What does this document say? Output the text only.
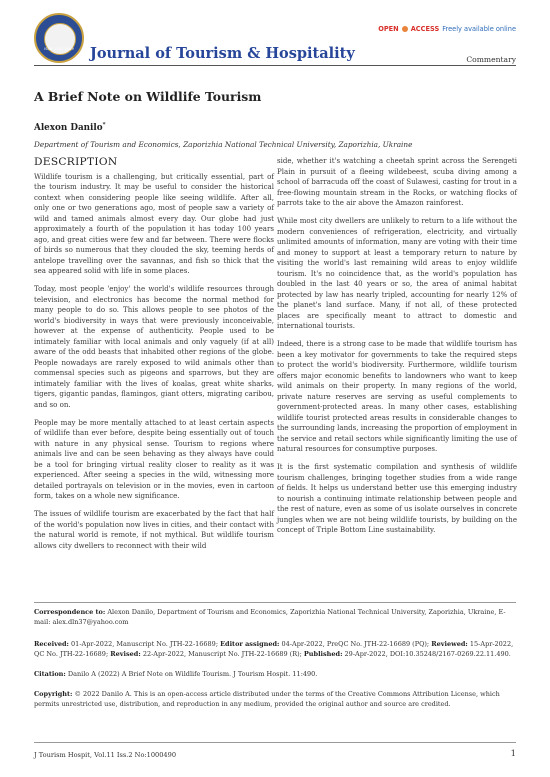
ISSN: 2167-0269
OPEN ACCESS Freely available online
Journal of Tourism & Hospitality	Commentary
A Brief Note on Wildlife Tourism
Alexon Danilo*
Department of Tourism and Economics, Zaporizhia National Technical University, Zaporizhia, Ukraine
DESCRIPTION

Wildlife tourism is a challenging, but critically essential, part of the tourism industry. It may be useful to consider the historical context when considering people like seeing wildlife. After all, only one or two generations ago, most of people saw a variety of wild and tamed animals almost every day. Our globe had just approximately a fourth of the population it has today 100 years ago, and great cities were few and far between. There were flocks of birds so numerous that they clouded the sky, teeming herds of antelope travelling over the savannas, and fish so thick that the sea appeared solid with life in some places.

Today, most people 'enjoy' the world's wildlife resources through television, and electronics has become the normal method for many people to do so. This allows people to see photos of the world's biodiversity in ways that were previously inconceivable, however at the expense of authenticity. People used to be intimately familiar with local animals and only vaguely (if at all) aware of the odd beasts that inhabited other regions of the globe. People nowadays are rarely exposed to wild animals other than commensal species such as pigeons and sparrows, but they are intimately familiar with the lives of koalas, great white sharks, tigers, gigantic pandas, flamingos, giant otters, migrating caribou, and so on.

People may be more mentally attached to at least certain aspects of wildlife than ever before, despite being essentially out of touch with nature in any physical sense. Tourism to regions where animals live and can be seen behaving as they always have could be a tool for bringing virtual reality closer to reality as it was experienced. After seeing a species in the wild, witnessing more detailed portrayals on television or in the movies, even in cartoon form, takes on a whole new significance.

The issues of wildlife tourism are exacerbated by the fact that half of the world's population now lives in cities, and their contact with the natural world is remote, if not mythical. But wildlife tourism allows city dwellers to reconnect with their wild

side, whether it's watching a cheetah sprint across the Serengeti Plain in pursuit of a fleeing wildebeest, scuba diving among a school of barracuda off the coast of Sulawesi, casting for trout in a free-flowing mountain stream in the Rocks, or watching flocks of parrots take to the air above the Amazon rainforest.

While most city dwellers are unlikely to return to a life without the modern conveniences of refrigeration, electricity, and virtually unlimited amounts of information, many are voting with their time and money to support at least a temporary return to nature by visiting the world's last remaining wild areas to enjoy wildlife tourism. It's no coincidence that, as the world's population has doubled in the last 40 years or so, the area of animal habitat protected by law has nearly tripled, accounting for nearly 12% of the planet's land surface. Many, if not all, of these protected places are specifically meant to attract to domestic and international tourists.

Indeed, there is a strong case to be made that wildlife tourism has been a key motivator for governments to take the required steps to protect the world's biodiversity. Furthermore, wildlife tourism offers major economic benefits to landowners who want to keep wild animals on their property. In many regions of the world, private nature reserves are serving as useful complements to government-protected areas. In many other cases, establishing wildlife tourist protected areas results in considerable changes to the surrounding lands, increasing the proportion of employment in the service and retail sectors while significantly limiting the use of natural resources for consumptive purposes.

It is the first systematic compilation and synthesis of wildlife tourism challenges, bringing together studies from a wide range of fields. It helps us understand better use this emerging industry to nourish a continuing intimate relationship between people and the rest of nature, even as some of us isolate ourselves in concrete jungles when we are not being wildlife tourists, by building on the concept of Triple Bottom Line sustainability.

Correspondence to: Alexon Danilo, Department of Tourism and Economics, Zaporizhia National Technical University, Zaporizhia, Ukraine, E-mail: alex.dln37@yahoo.com
Received: 01-Apr-2022, Manuscript No. JTH-22-16689; Editor assigned: 04-Apr-2022, PreQC No. JTH-22-16689 (PQ); Reviewed: 15-Apr-2022, QC No. JTH-22-16689; Revised: 22-Apr-2022, Manuscript No. JTH-22-16689 (R); Published: 29-Apr-2022, DOI:10.35248/2167-0269.22.11.490.
Citation: Danilo A (2022) A Brief Note on Wildlife Tourism. J Tourism Hospit. 11:490.
Copyright: © 2022 Danilo A. This is an open-access article distributed under the terms of the Creative Commons Attribution License, which permits unrestricted use, distribution, and reproduction in any medium, provided the original author and source are credited.
J Tourism Hospit, Vol.11 Iss.2 No:1000490	1
